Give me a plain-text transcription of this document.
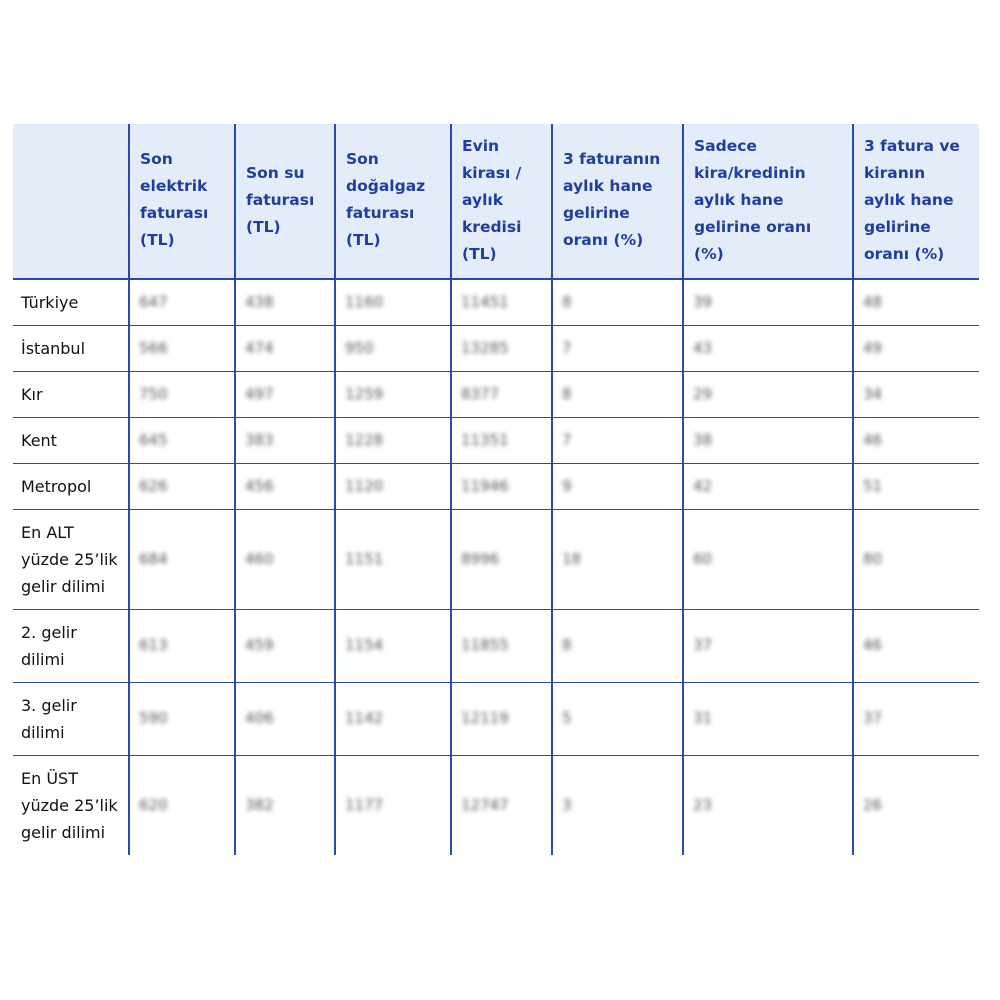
	Son elektrik faturası (TL)	Son su faturası (TL)	Son doğalgaz faturası (TL)	Evin kirası / aylık kredisi (TL)	3 faturanın aylık hane gelirine oranı (%)	Sadece kira/kredinin aylık hane gelirine oranı (%)	3 fatura ve kiranın aylık hane gelirine oranı (%)
Türkiye	647	438	1160	11451	8	39	48
İstanbul	566	474	950	13285	7	43	49
Kır	750	497	1259	8377	8	29	34
Kent	645	383	1228	11351	7	38	46
Metropol	626	456	1120	11946	9	42	51
En ALT yüzde 25’lik gelir dilimi	684	460	1151	8996	18	60	80
2. gelir dilimi	613	459	1154	11855	8	37	46
3. gelir dilimi	590	406	1142	12119	5	31	37
En ÜST yüzde 25’lik gelir dilimi	620	382	1177	12747	3	23	26
